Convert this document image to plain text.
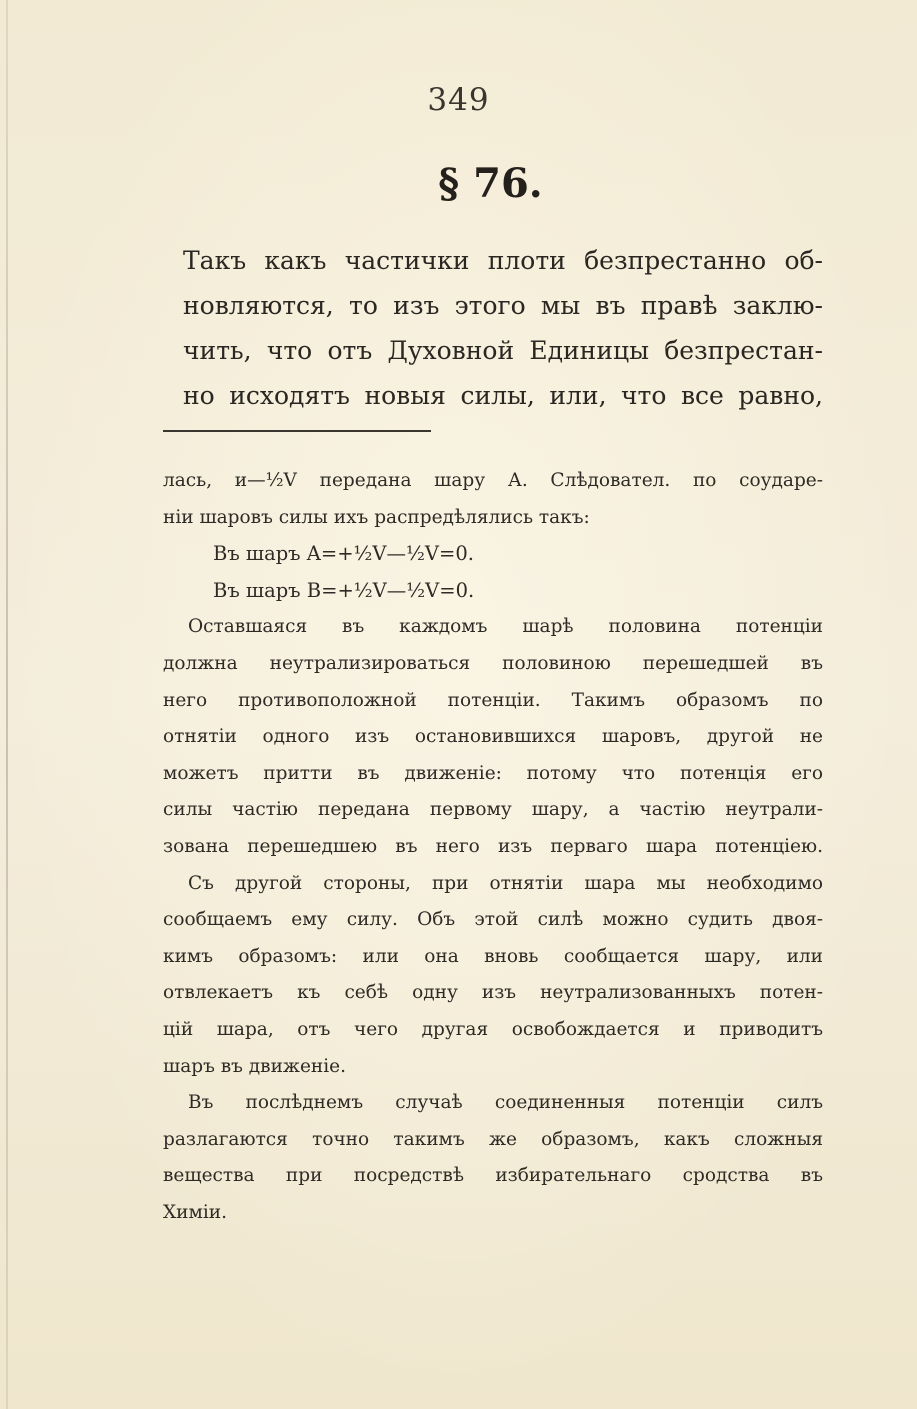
349
§ 76.
Такъ какъ частички плоти безпрестанно об-
новляются, то изъ этого мы въ правѣ заклю-
чить, что отъ Духовной Единицы безпрестан-
но исходятъ новыя силы, или, что все равно,
лась, и—½V передана шару А. Слѣдовател. по соударе-
ніи шаровъ силы ихъ распредѣлялись такъ:
Въ шаръ A=+½V—½V=0.
Въ шаръ B=+½V—½V=0.
Оставшаяся въ каждомъ шарѣ половина потенціи
должна неутрализироваться половиною перешедшей въ
него противоположной потенціи. Такимъ образомъ по
отнятіи одного изъ остановившихся шаровъ, другой не
можетъ притти въ движеніе: потому что потенція его
силы частію передана первому шару, а частію неутрали-
зована перешедшею въ него изъ перваго шара потенціею.
Съ другой стороны, при отнятіи шара мы необходимо
сообщаемъ ему силу. Объ этой силѣ можно судить двоя-
кимъ образомъ: или она вновь сообщается шару, или
отвлекаетъ къ себѣ одну изъ неутрализованныхъ потен-
цій шара, отъ чего другая освобождается и приводитъ
шаръ въ движеніе.
Въ послѣднемъ случаѣ соединенныя потенціи силъ
разлагаются точно такимъ же образомъ, какъ сложныя
вещества при посредствѣ избирательнаго сродства въ
Химіи.
